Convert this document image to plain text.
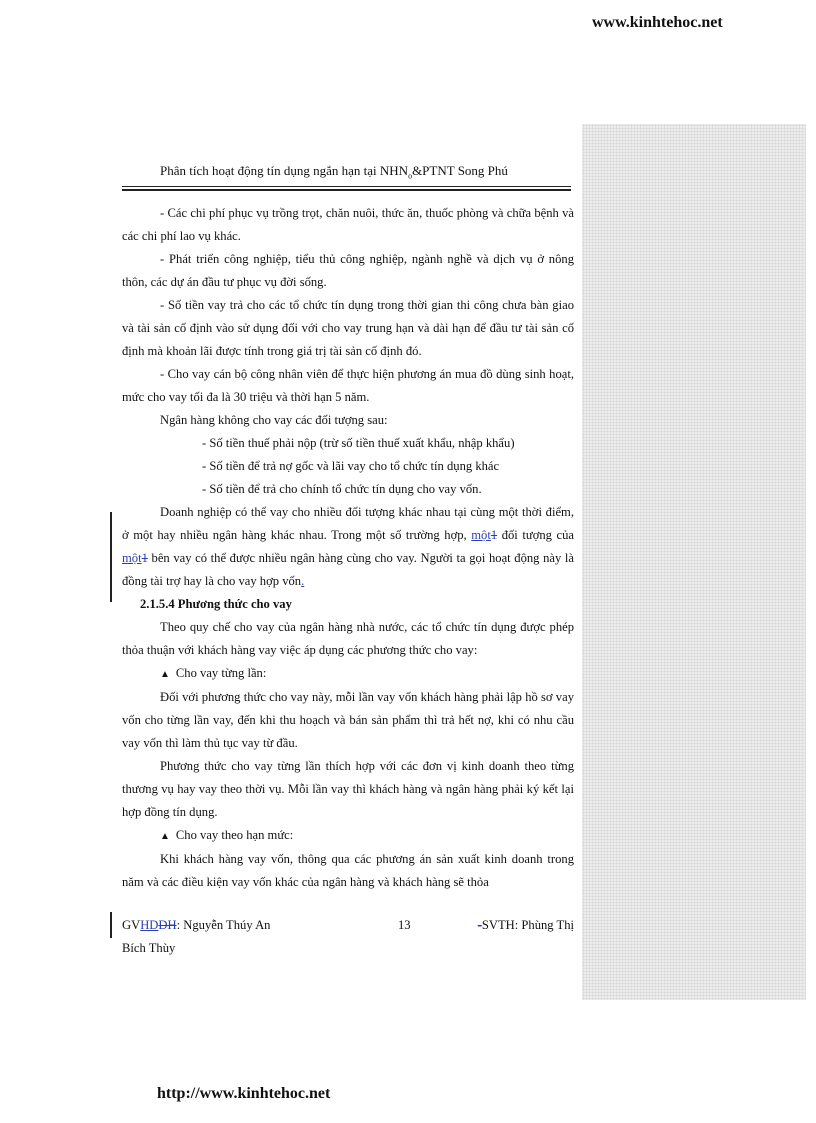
www.kinhtehoc.net
Phân tích hoạt động tín dụng ngắn hạn tại $NHN_o\&PTNT$ Song Phú

- Các chi phí phục vụ trồng trọt, chăn nuôi, thức ăn, thuốc phòng và chữa bệnh và các chi phí lao vụ khác.

- Phát triển công nghiệp, tiểu thủ công nghiệp, ngành nghề và dịch vụ ở nông thôn, các dự án đầu tư phục vụ đời sống.

- Số tiền vay trả cho các tổ chức tín dụng trong thời gian thi công chưa bàn giao và tài sản cố định vào sử dụng đối với cho vay trung hạn và dài hạn để đầu tư tài sản cố định mà khoản lãi được tính trong giá trị tài sản cố định đó.

- Cho vay cán bộ công nhân viên để thực hiện phương án mua đồ dùng sinh hoạt, mức cho vay tối đa là 30 triệu và thời hạn 5 năm.

Ngân hàng không cho vay các đối tượng sau:

- Số tiền thuế phải nộp (trừ số tiền thuế xuất khẩu, nhập khẩu)

- Số tiền để trả nợ gốc và lãi vay cho tổ chức tín dụng khác

- Số tiền để trả cho chính tổ chức tín dụng cho vay vốn.

Doanh nghiệp có thể vay cho nhiều đối tượng khác nhau tại cùng một thời điểm, ở một hay nhiều ngân hàng khác nhau. Trong một số trường hợp, một1 đối tượng của một1 bên vay có thể được nhiều ngân hàng cùng cho vay. Người ta gọi hoạt động này là đồng tài trợ hay là cho vay hợp vốn.

2.1.5.4 Phương thức cho vay

Theo quy chế cho vay của ngân hàng nhà nước, các tổ chức tín dụng được phép thỏa thuận với khách hàng vay việc áp dụng các phương thức cho vay:

▲ Cho vay từng lần:

Đối với phương thức cho vay này, mỗi lần vay vốn khách hàng phải lập hồ sơ vay vốn cho từng lần vay, đến khi thu hoạch và bán sản phẩm thì trả hết nợ, khi có nhu cầu vay vốn thì làm thủ tục vay từ đầu.

Phương thức cho vay từng lần thích hợp với các đơn vị kinh doanh theo từng thương vụ hay vay theo thời vụ. Mỗi lần vay thì khách hàng và ngân hàng phải ký kết lại hợp đồng tín dụng.

▲ Cho vay theo hạn mức:

Khi khách hàng vay vốn, thông qua các phương án sản xuất kinh doanh trong năm và các điều kiện vay vốn khác của ngân hàng và khách hàng sẽ thỏa

GVHDDH: Nguyễn Thúy An	-SVTH: Phùng Thị
13
Bích Thùy
http://www.kinhtehoc.net
